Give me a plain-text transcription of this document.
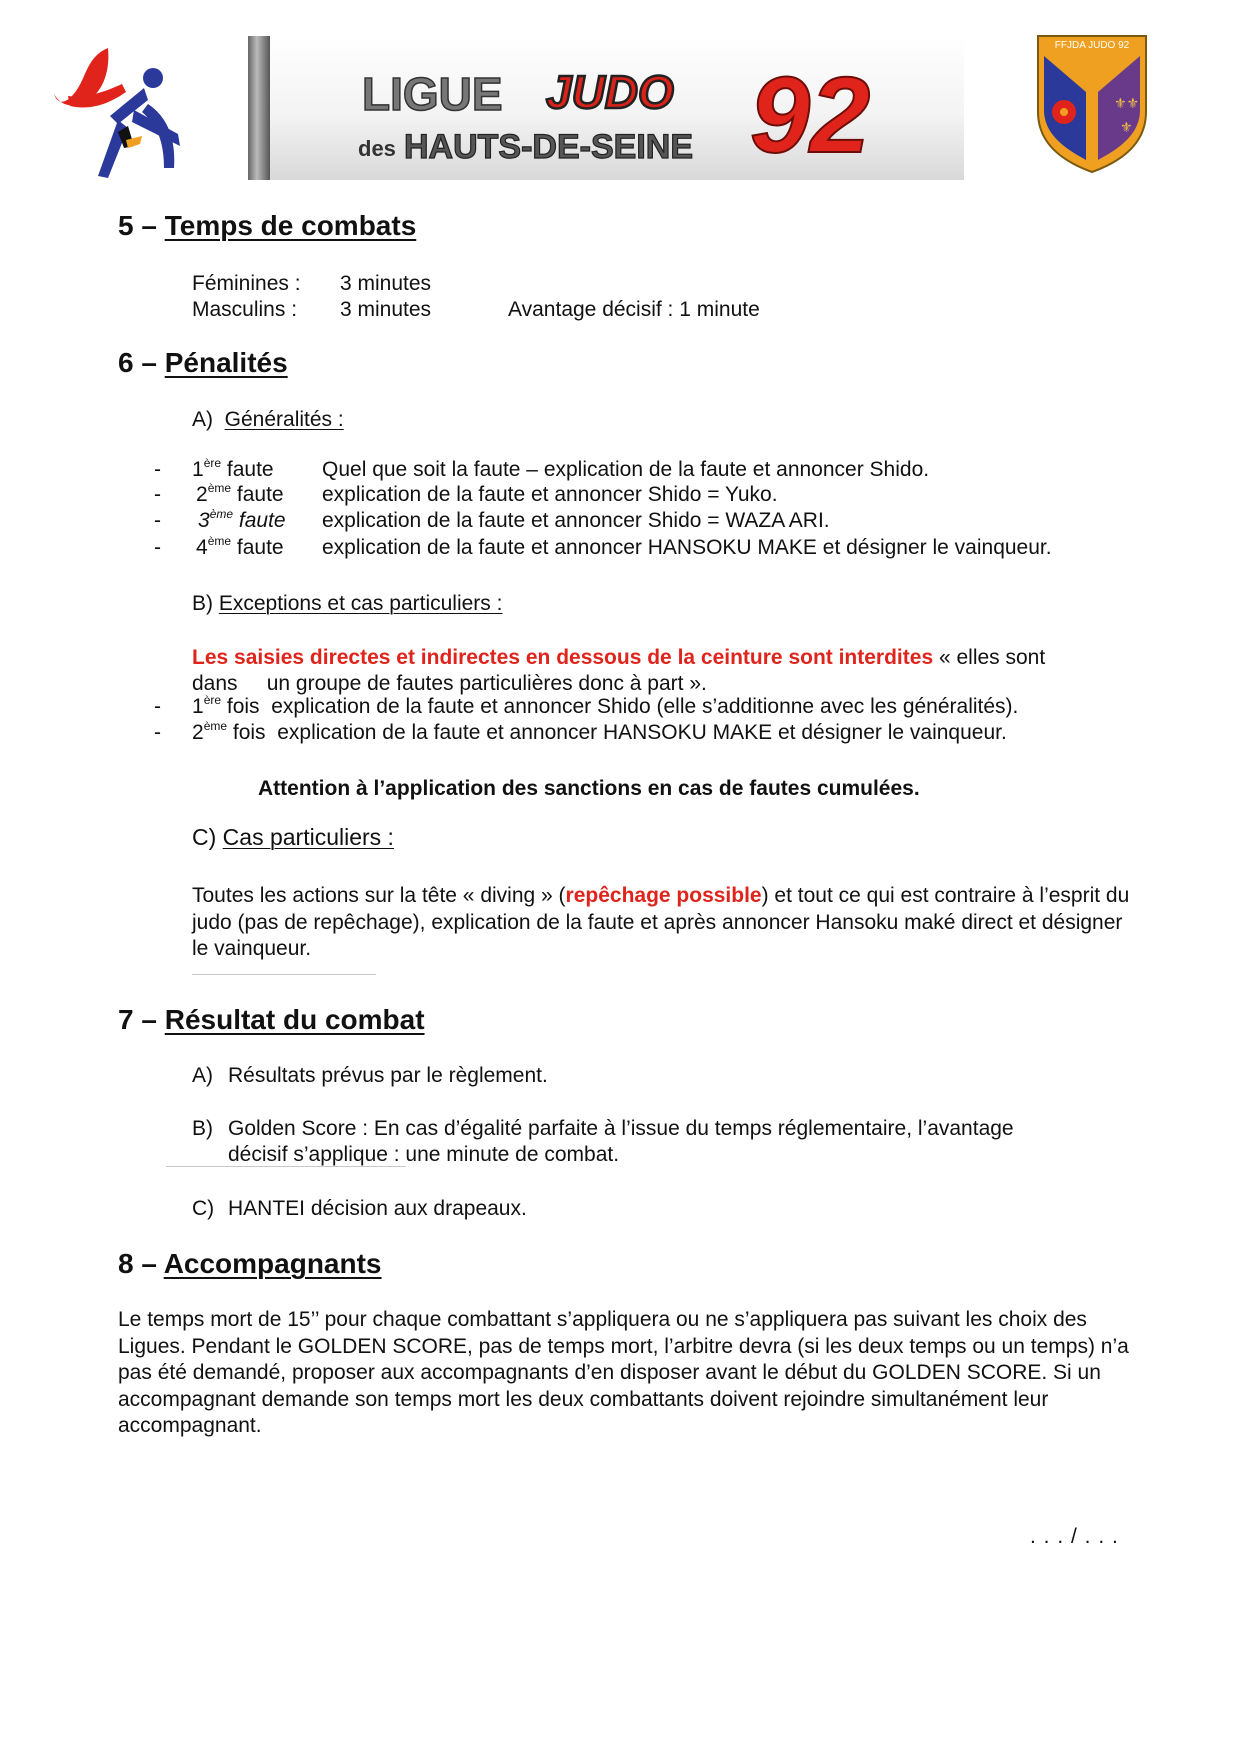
LIGUE JUDO 92
des HAUTS-DE-SEINE
FFJDA JUDO 92
⚜⚜
⚜
5 – Temps de combats
Féminines : 3 minutes
Masculins : 3 minutes	Avantage décisif : 1 minute
6 – Pénalités
A) Généralités :
- 1ère faute Quel que soit la faute – explication de la faute et annoncer Shido.
- 2ème faute explication de la faute et annoncer Shido = Yuko.
- 3ème faute explication de la faute et annoncer Shido = WAZA ARI.
- 4ème faute explication de la faute et annoncer HANSOKU MAKE et désigner le vainqueur.
B) Exceptions et cas particuliers :
Les saisies directes et indirectes en dessous de la ceinture sont interdites « elles sont
dans     un groupe de fautes particulières donc à part ».
- 1ère fois explication de la faute et annoncer Shido (elle s’additionne avec les généralités).
- 2ème fois explication de la faute et annoncer HANSOKU MAKE et désigner le vainqueur.
Attention à l’application des sanctions en cas de fautes cumulées.
C) Cas particuliers :
Toutes les actions sur la tête « diving » (repêchage possible) et tout ce qui est contraire à l’esprit du judo (pas de repêchage), explication de la faute et après annoncer Hansoku maké direct et désigner le vainqueur.
7 – Résultat du combat
A) Résultats prévus par le règlement.
B) Golden Score : En cas d’égalité parfaite à l’issue du temps réglementaire, l’avantage
décisif s’applique : une minute de combat.
C) HANTEI décision aux drapeaux.
8 – Accompagnants
Le temps mort de 15’’ pour chaque combattant s’appliquera ou ne s’appliquera pas suivant les choix des Ligues. Pendant le GOLDEN SCORE, pas de temps mort, l’arbitre devra (si les deux temps ou un temps) n’a pas été demandé, proposer aux accompagnants d’en disposer avant le début du GOLDEN SCORE. Si un accompagnant demande son temps mort les deux combattants doivent rejoindre simultanément leur accompagnant.
. . . / . . .
